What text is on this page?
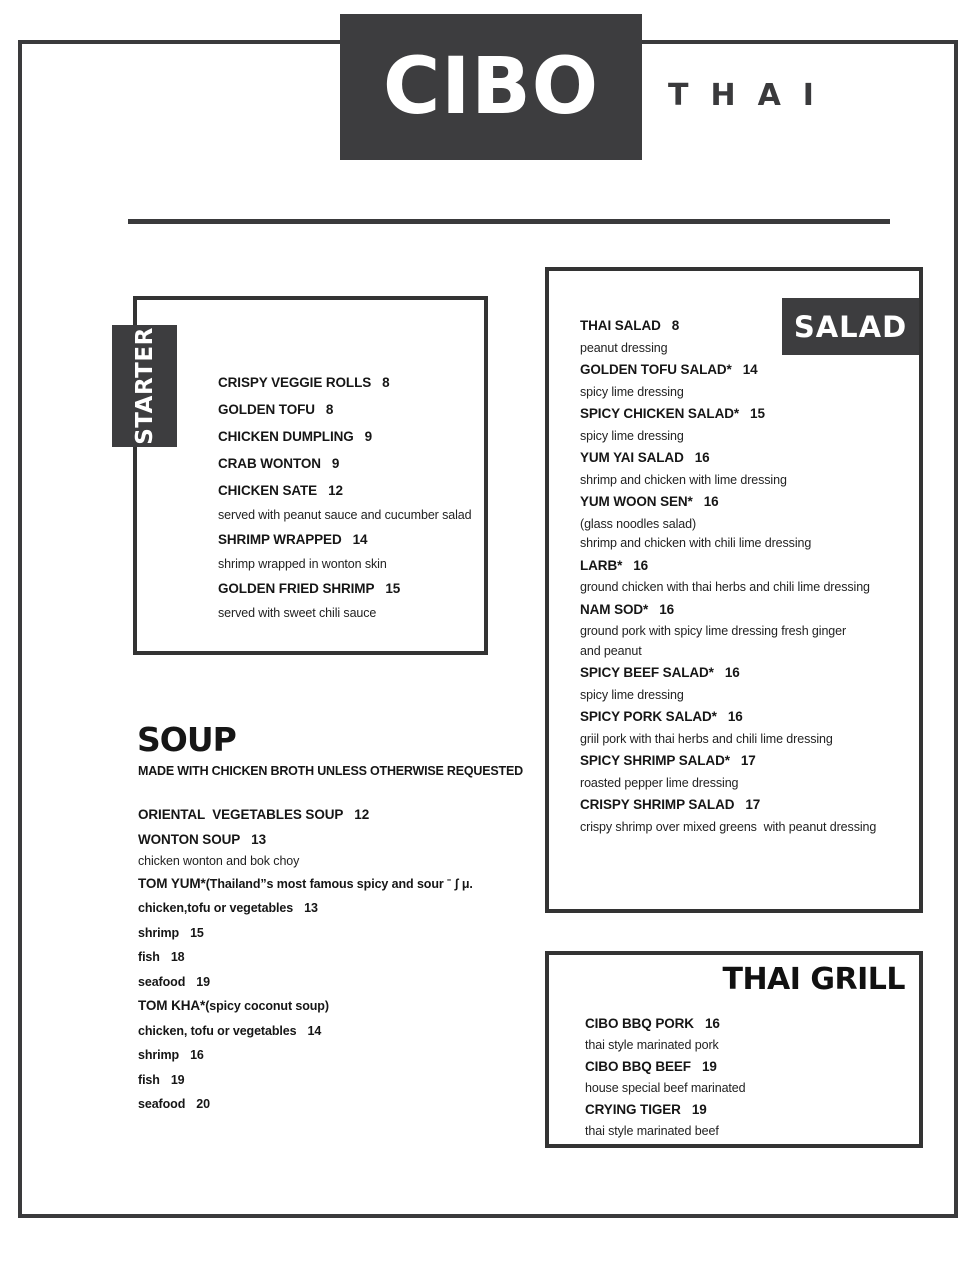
CIBO THAI
STARTER	CRISPY VEGGIE ROLLS 8
GOLDEN TOFU 8
CHICKEN DUMPLING 9
CRAB WONTON 9
CHICKEN SATE 12
served with peanut sauce and cucumber salad
SHRIMP WRAPPED 14
shrimp wrapped in wonton skin
GOLDEN FRIED SHRIMP 15
served with sweet chili sauce
SOUP
MADE WITH CHICKEN BROTH UNLESS OTHERWISE REQUESTED
ORIENTAL  VEGETABLES SOUP 12
WONTON SOUP 13
chicken wonton and bok choy
TOM YUM*(Thailand”s most famous spicy and sour ˉ ʃ μ.
chicken,tofu or vegetables 13
shrimp 15
fish 18
seafood 19
TOM KHA*(spicy coconut soup)
chicken, tofu or vegetables 14
shrimp 16
fish 19
seafood 20
SALAD
THAI SALAD 8
peanut dressing
GOLDEN TOFU SALAD* 14
spicy lime dressing
SPICY CHICKEN SALAD* 15
spicy lime dressing
YUM YAI SALAD 16
shrimp and chicken with lime dressing
YUM WOON SEN* 16
(glass noodles salad)
shrimp and chicken with chili lime dressing
LARB* 16
ground chicken with thai herbs and chili lime dressing
NAM SOD* 16
ground pork with spicy lime dressing fresh ginger
and peanut
SPICY BEEF SALAD* 16
spicy lime dressing
SPICY PORK SALAD* 16
griil pork with thai herbs and chili lime dressing
SPICY SHRIMP SALAD* 17
roasted pepper lime dressing
CRISPY SHRIMP SALAD 17
crispy shrimp over mixed greens  with peanut dressing
THAI GRILL
CIBO BBQ PORK 16
thai style marinated pork
CIBO BBQ BEEF 19
house special beef marinated
CRYING TIGER 19
thai style marinated beef
